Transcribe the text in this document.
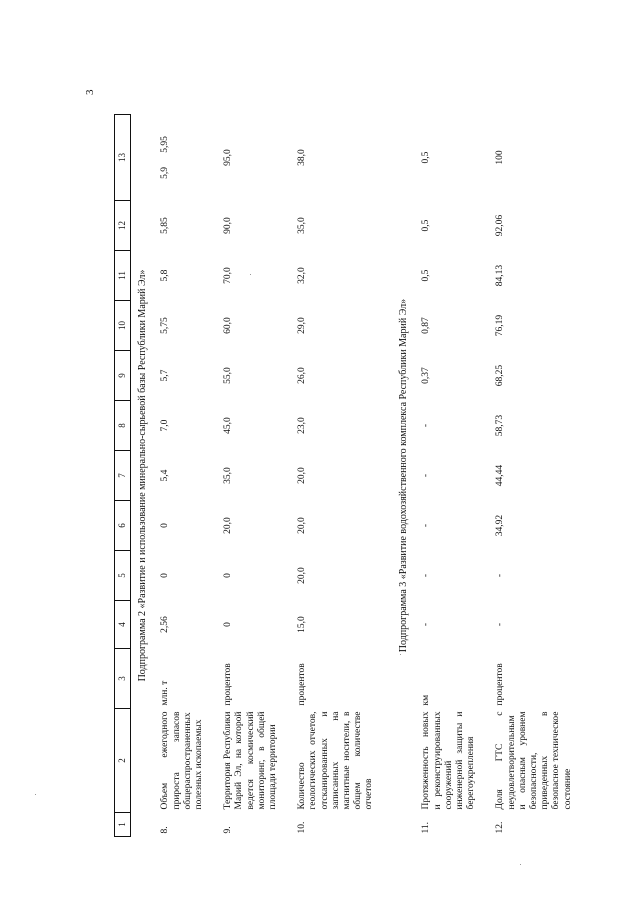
3
1	2	3	4	5	6	7	8	9	10	11	12	13
Подпрограмма 2 «Развитие и использование минерально-сырьевой базы Республики Марий Эл»												
8.	Объем ежегодного прироста запасов общераспространенных полезных ископаемых	млн. т	2,56	0	0	5,4	7,0	5,7	5,75	5,8	5,85	5,9      5,95
9.	Территория Республики Марий Эл, на которой ведется космический мониторинг, в общей площади территории	процентов	0	0	20,0	35,0	45,0	55,0	60,0	70,0	90,0	95,0
10.	Количество геологических отчетов, отсканированных и записанных на магнитные носители, в общем количестве отчетов	процентов	15,0	20,0	20,0	20,0	23,0	26,0	29,0	32,0	35,0	38,0
Подпрограмма 3 «Развитие водохозяйственного комплекса Республики Марий Эл»												
11.	Протяженность новых и реконструированных сооружений инженерной защиты и берегоукрепления	км	-	-	-	-	-	0,37	0,87	0,5	0,5	0,5
12.	Доля ГТС с неудовлетворительным и опасным уровнем безопасности, приведенных в безопасное техническое состояние	процентов	-	-	34,92	44,44	58,73	68,25	76,19	84,13	92,06	100
